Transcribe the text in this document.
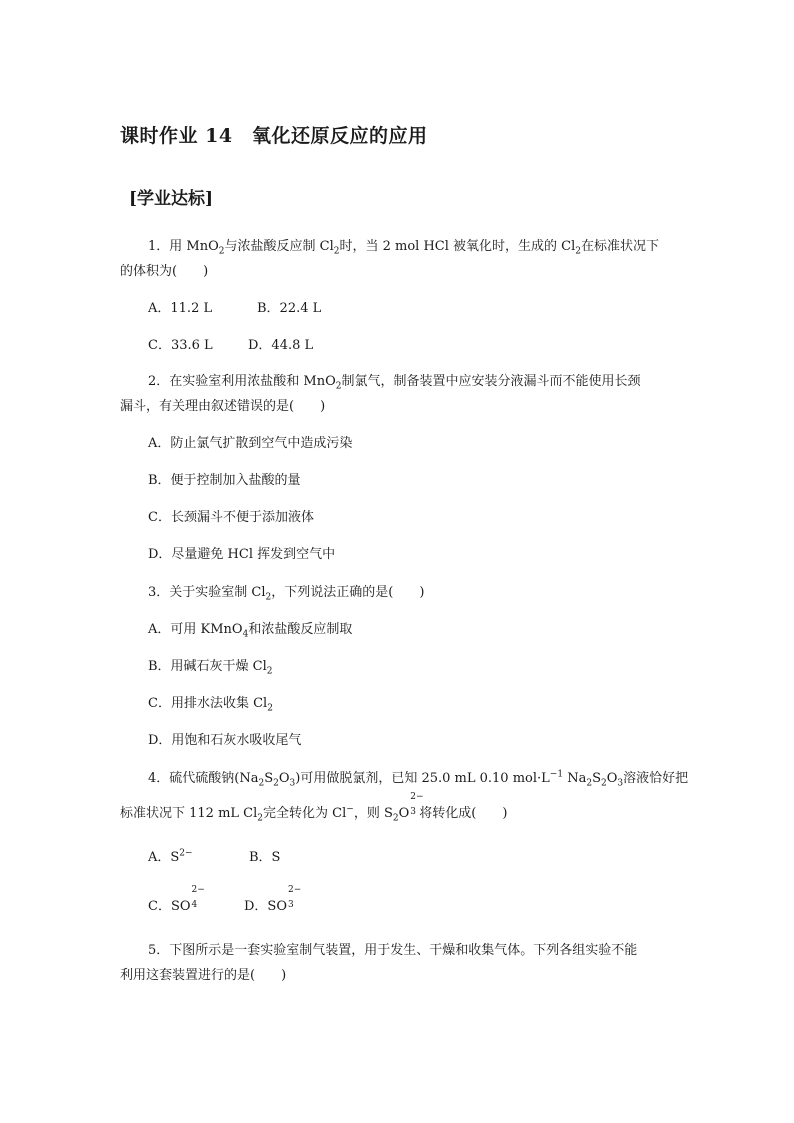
课时作业 14　氧化还原反应的应用
[学业达标]
1．用 MnO$_2$与浓盐酸反应制 $Cl_2$时，当 2 mol HCl 被氧化时，生成的 $Cl_2$在标准状况下
的体积为(　　)
A．11.2 L	B．22.4 L
C．33.6 L	D．44.8 L
2．在实验室利用浓盐酸和 MnO$_2$制氯气，制备装置中应安装分液漏斗而不能使用长颈
漏斗，有关理由叙述错误的是(　　)
A．防止氯气扩散到空气中造成污染
B．便于控制加入盐酸的量
C．长颈漏斗不便于添加液体
D．尽量避免 HCl 挥发到空气中
3．关于实验室制 $Cl_2$，下列说法正确的是(　　)
A．可用 KMnO$_4$和浓盐酸反应制取
B．用碱石灰干燥 $Cl_2$
C．用排水法收集 $Cl_2$
D．用饱和石灰水吸收尾气
4．硫代硫酸钠$(Na_2S_2O_3)$可用做脱氯剂，已知 25.0 mL 0.10 $mol\cdot L^{-1}$ $Na_2S_2O_3$溶液恰好把
标准状况下 112 mL $Cl_2$完全转化为 Cl−，则 $S_2O$
2−
3 将转化成(　　)
A．$S^{2-}$	B．S
C．SO
2−
4	D．SO
2−
3
5．下图所示是一套实验室制气装置，用于发生、干燥和收集气体。下列各组实验不能
利用这套装置进行的是(　　)
